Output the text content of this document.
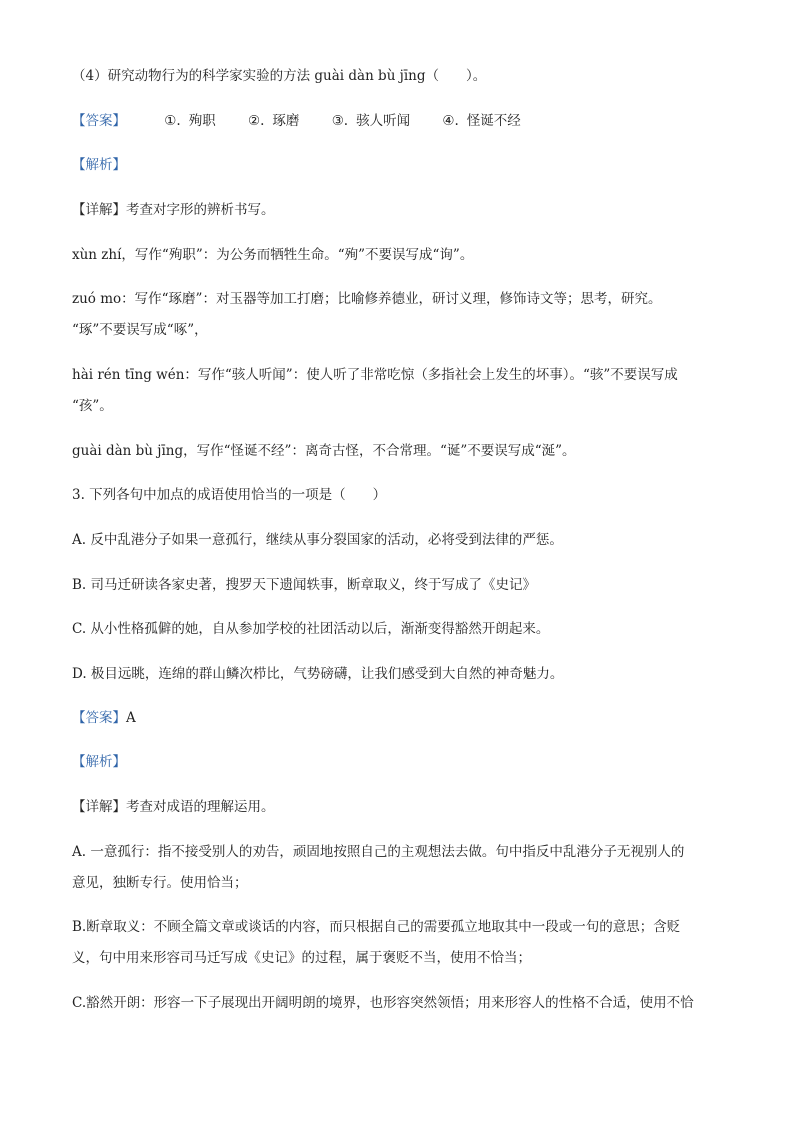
（4）研究动物行为的科学家实验的方法 guài dàn bù jīng（　　）。
【答案】	①. 殉职 ②. 琢磨 ③. 骇人听闻 ④. 怪诞不经
【解析】
【详解】考查对字形的辨析书写。
xùn zhí，写作“殉职”：为公务而牺牲生命。“殉”不要误写成“询”。
zuó mo：写作“琢磨”：对玉器等加工打磨；比喻修养德业，研讨义理，修饰诗文等；思考，研究。
“琢”不要误写成“啄”，
hài rén tīng wén：写作“骇人听闻”：使人听了非常吃惊（多指社会上发生的坏事）。“骇”不要误写成
“孩”。
guài dàn bù jīng，写作“怪诞不经”：离奇古怪，不合常理。“诞”不要误写成“涎”。
3. 下列各句中加点的成语使用恰当的一项是（　　）
A. 反中乱港分子如果一意孤行，继续从事分裂国家的活动，必将受到法律的严惩。
B. 司马迁研读各家史著，搜罗天下遗闻轶事，断章取义，终于写成了《史记》
C. 从小性格孤僻的她，自从参加学校的社团活动以后，渐渐变得豁然开朗起来。
D. 极目远眺，连绵的群山鳞次栉比，气势磅礴，让我们感受到大自然的神奇魅力。
【答案】A
【解析】
【详解】考查对成语的理解运用。
A. 一意孤行：指不接受别人的劝告，顽固地按照自己的主观想法去做。句中指反中乱港分子无视别人的
意见，独断专行。使用恰当；
B.断章取义：不顾全篇文章或谈话的内容，而只根据自己的需要孤立地取其中一段或一句的意思；含贬
义，句中用来形容司马迁写成《史记》的过程，属于褒贬不当，使用不恰当；
C.豁然开朗：形容一下子展现出开阔明朗的境界，也形容突然领悟；用来形容人的性格不合适，使用不恰
